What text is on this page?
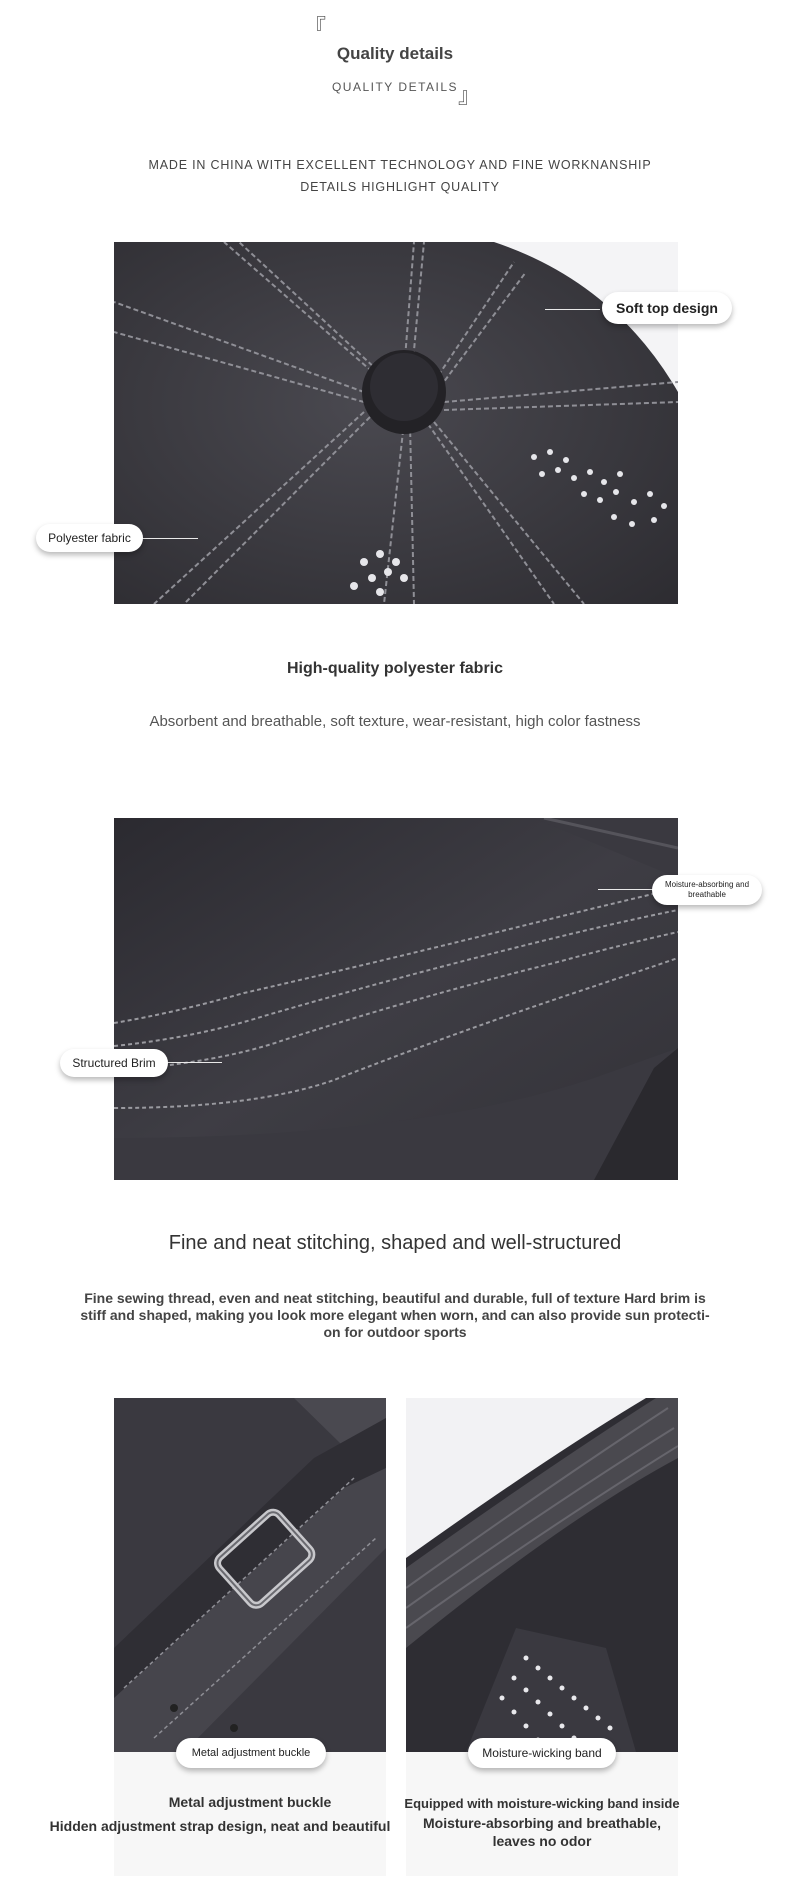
『
Quality details
QUALITY DETAILS 』
MADE IN CHINA WITH EXCELLENT TECHNOLOGY AND FINE WORKNANSHIP
DETAILS HIGHLIGHT QUALITY
Soft top design
Polyester fabric
High-quality polyester fabric
Absorbent and breathable, soft texture, wear-resistant, high color fastness
Moisture-absorbing and breathable
Structured Brim
Fine and neat stitching, shaped and well-structured
Fine sewing thread, even and neat stitching, beautiful and durable, full of texture Hard brim is
stiff and shaped, making you look more elegant when worn, and can also provide sun protecti-
on for outdoor sports
Metal adjustment buckle
Metal adjustment buckle
Hidden adjustment strap design, neat and beautiful
Moisture-wicking band
Equipped with moisture-wicking band inside
Moisture-absorbing and breathable,
leaves no odor
